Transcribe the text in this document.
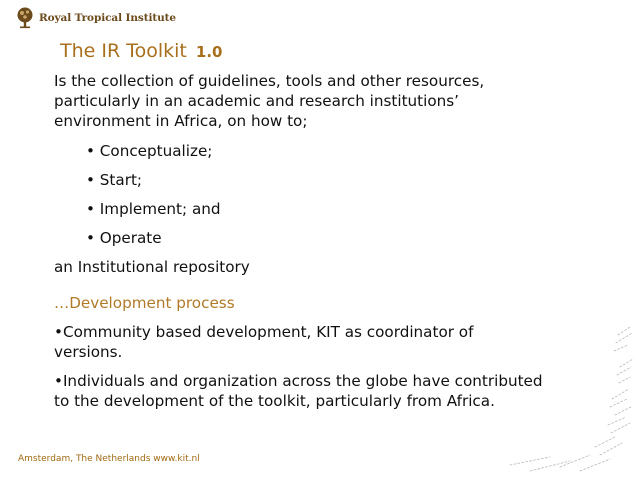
Royal Tropical Institute
The IR Toolkit 1.0
Is the collection of guidelines, tools and other resources, particularly in an academic and research institutions’ environment in Africa, on how to;
• Conceptualize;
• Start;
• Implement; and
• Operate
an Institutional repository
…Development process
•Community based development, KIT as coordinator of versions.
•Individuals and organization across the globe have contributed to the development of the toolkit, particularly from Africa.
Amsterdam, The Netherlands www.kit.nl
